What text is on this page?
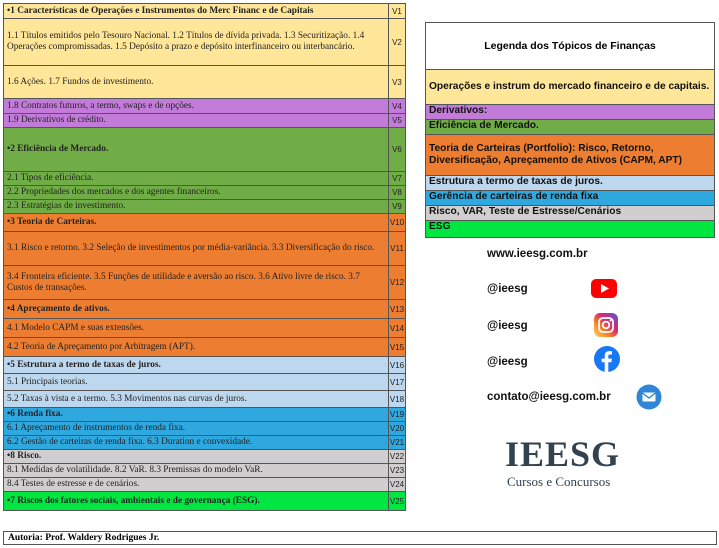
•1 Características de Operações e Instrumentos do Merc Financ e de Capitais	V1
1.1 Títulos emitidos pelo Tesouro Nacional. 1.2 Títulos de dívida privada. 1.3 Securitização. 1.4 Operações compromissadas. 1.5 Depósito a prazo e depósito interfinanceiro ou interbancário.	V2
1.6 Ações. 1.7 Fundos de investimento.	V3
1.8 Contratos futuros, a termo, swaps e de opções.	V4
1.9 Derivativos de crédito.	V5
•2 Eficiência de Mercado.	V6
2.1 Tipos de eficiência.	V7
2.2 Propriedades dos mercados e dos agentes financeiros.	V8
2.3 Estratégias de investimento.	V9
•3 Teoria de Carteiras.	V10
3.1 Risco e retorno. 3.2 Seleção de investimentos por média-variância. 3.3 Diversificação do risco.	V11
3.4 Fronteira eficiente. 3.5 Funções de utilidade e aversão ao risco. 3.6 Ativo livre de risco. 3.7 Custos de transações.	V12
•4 Apreçamento de ativos.	V13
4.1 Modelo CAPM e suas extensões.	V14
4.2 Teoria de Apreçamento por Arbitragem (APT).	V15
•5 Estrutura a termo de taxas de juros.	V16
5.1 Principais teorias.	V17
5.2 Taxas à vista e a termo. 5.3 Movimentos nas curvas de juros.	V18
•6 Renda fixa.	V19
6.1 Apreçamento de instrumentos de renda fixa.	V20
6.2 Gestão de carteiras de renda fixa. 6.3 Duration e convexidade.	V21
•8 Risco.	V22
8.1 Medidas de volatilidade. 8.2 VaR. 8.3 Premissas do modelo VaR.	V23
8.4 Testes de estresse e de cenários.	V24
•7 Riscos dos fatores sociais, ambientais e de governança (ESG).	V25
Autoria: Prof. Waldery Rodrigues Jr.
Legenda dos Tópicos de Finanças
Operações e instrum do mercado financeiro e de capitais.
Derivativos:
Eficiência de Mercado.
Teoria de Carteiras (Portfolio): Risco, Retorno, Diversificação, Apreçamento de Ativos (CAPM, APT)
Estrutura a termo de taxas de juros.
Gerência de carteiras de renda fixa
Risco, VAR, Teste de Estresse/Cenários
ESG
www.ieesg.com.br
@ieesg
@ieesg
@ieesg
contato@ieesg.com.br
IEESG
Cursos e Concursos
